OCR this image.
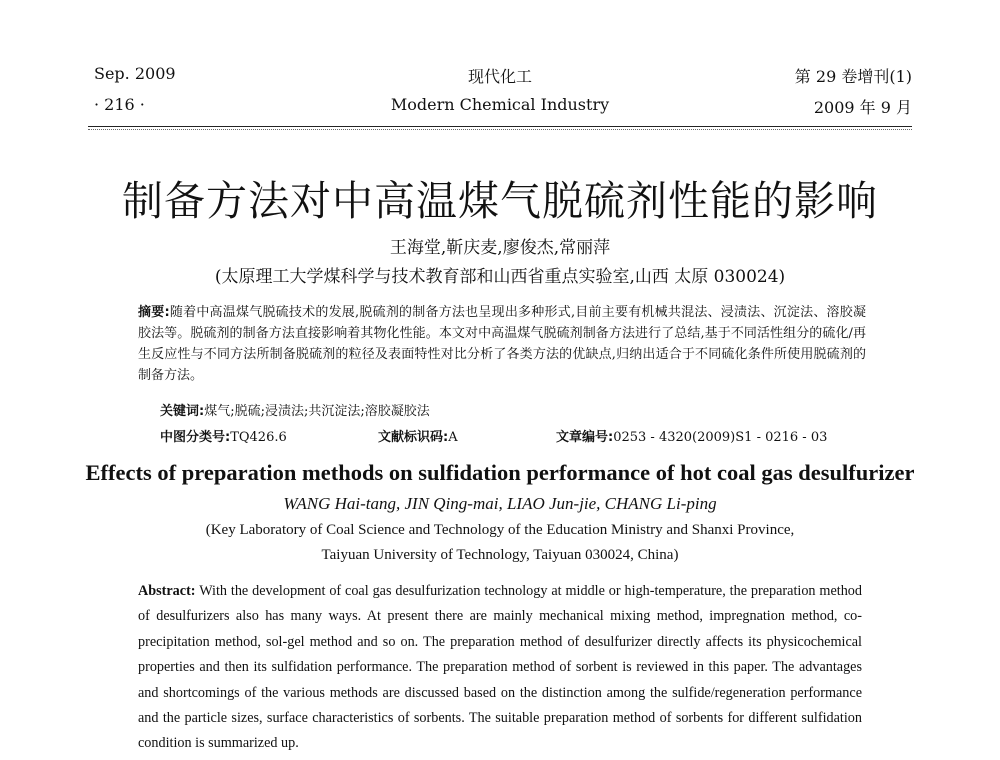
Sep. 2009	现代化工	第 29 卷增刊(1)
· 216 ·	Modern Chemical Industry	2009 年 9 月
制备方法对中高温煤气脱硫剂性能的影响
王海堂,靳庆麦,廖俊杰,常丽萍
(太原理工大学煤科学与技术教育部和山西省重点实验室,山西 太原 030024)
摘要:随着中高温煤气脱硫技术的发展,脱硫剂的制备方法也呈现出多种形式,目前主要有机械共混法、浸渍法、沉淀法、溶胶凝胶法等。脱硫剂的制备方法直接影响着其物化性能。本文对中高温煤气脱硫剂制备方法进行了总结,基于不同活性组分的硫化/再生反应性与不同方法所制备脱硫剂的粒径及表面特性对比分析了各类方法的优缺点,归纳出适合于不同硫化条件所使用脱硫剂的制备方法。
关键词:煤气;脱硫;浸渍法;共沉淀法;溶胶凝胶法
中图分类号:TQ426.6	文献标识码:A	文章编号:0253 - 4320(2009)S1 - 0216 - 03
Effects of preparation methods on sulfidation performance of hot coal gas desulfurizer
WANG Hai-tang, JIN Qing-mai, LIAO Jun-jie, CHANG Li-ping
(Key Laboratory of Coal Science and Technology of the Education Ministry and Shanxi Province,
Taiyuan University of Technology, Taiyuan 030024, China)
Abstract: With the development of coal gas desulfurization technology at middle or high-temperature, the preparation method of desulfurizers also has many ways. At present there are mainly mechanical mixing method, impregnation method, co-precipitation method, sol-gel method and so on. The preparation method of desulfurizer directly affects its physicochemical properties and then its sulfidation performance. The preparation method of sorbent is reviewed in this paper. The advantages and shortcomings of the various methods are discussed based on the distinction among the sulfide/regeneration performance and the particle sizes, surface characteristics of sorbents. The suitable preparation method of sorbents for different sulfidation condition is summarized up.
